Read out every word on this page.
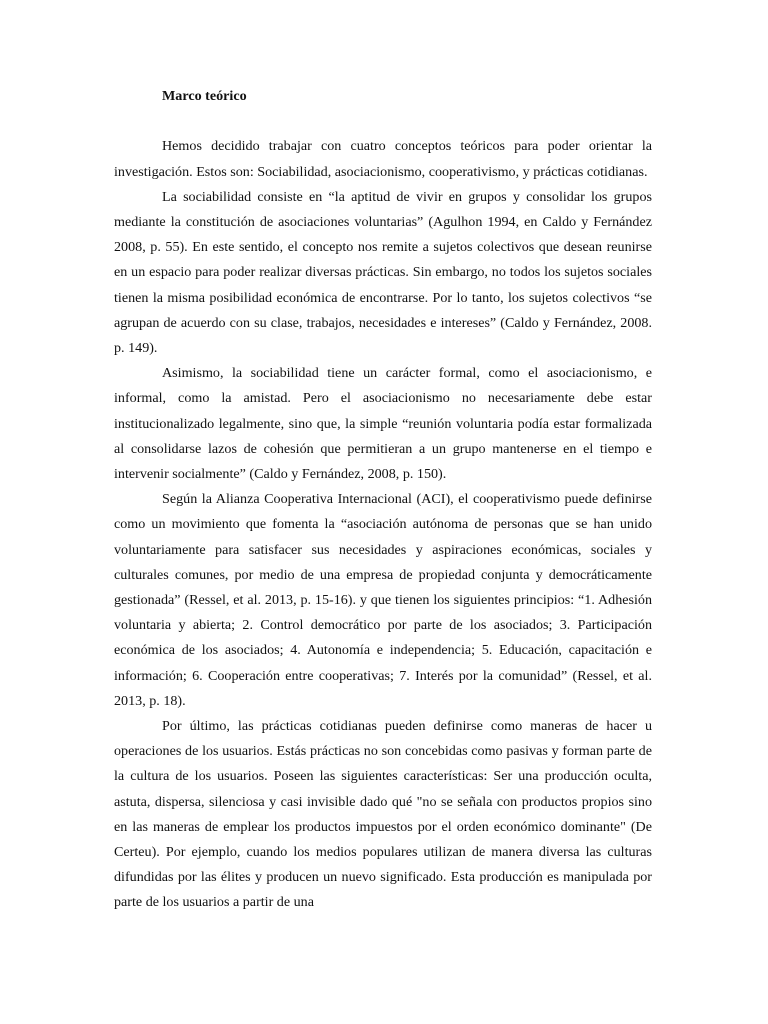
Marco teórico

Hemos decidido trabajar con cuatro conceptos teóricos para poder orientar la investigación. Estos son: Sociabilidad, asociacionismo, cooperativismo, y prácticas cotidianas.

La sociabilidad consiste en “la aptitud de vivir en grupos y consolidar los grupos mediante la constitución de asociaciones voluntarias” (Agulhon 1994, en Caldo y Fernández 2008, p. 55). En este sentido, el concepto nos remite a sujetos colectivos que desean reunirse en un espacio para poder realizar diversas prácticas. Sin embargo, no todos los sujetos sociales tienen la misma posibilidad económica de encontrarse. Por lo tanto, los sujetos colectivos “se agrupan de acuerdo con su clase, trabajos, necesidades e intereses” (Caldo y Fernández, 2008. p. 149).

Asimismo, la sociabilidad tiene un carácter formal, como el asociacionismo, e informal, como la amistad. Pero el asociacionismo no necesariamente debe estar institucionalizado legalmente, sino que, la simple “reunión voluntaria podía estar formalizada al consolidarse lazos de cohesión que permitieran a un grupo mantenerse en el tiempo e intervenir socialmente” (Caldo y Fernández, 2008, p. 150).

Según la Alianza Cooperativa Internacional (ACI), el cooperativismo puede definirse como un movimiento que fomenta la “asociación autónoma de personas que se han unido voluntariamente para satisfacer sus necesidades y aspiraciones económicas, sociales y culturales comunes, por medio de una empresa de propiedad conjunta y democráticamente gestionada” (Ressel, et al. 2013, p. 15-16). y que tienen los siguientes principios: “1. Adhesión voluntaria y abierta; 2. Control democrático por parte de los asociados; 3. Participación económica de los asociados; 4. Autonomía e independencia; 5. Educación, capacitación e información; 6. Cooperación entre cooperativas; 7. Interés por la comunidad” (Ressel, et al. 2013, p. 18).

Por último, las prácticas cotidianas pueden definirse como maneras de hacer u operaciones de los usuarios. Estás prácticas no son concebidas como pasivas y forman parte de la cultura de los usuarios. Poseen las siguientes características: Ser una producción oculta, astuta, dispersa, silenciosa y casi invisible dado qué "no se señala con productos propios sino en las maneras de emplear los productos impuestos por el orden económico dominante" (De Certeu). Por ejemplo, cuando los medios populares utilizan de manera diversa las culturas difundidas por las élites y producen un nuevo significado. Esta producción es manipulada por parte de los usuarios a partir de una
